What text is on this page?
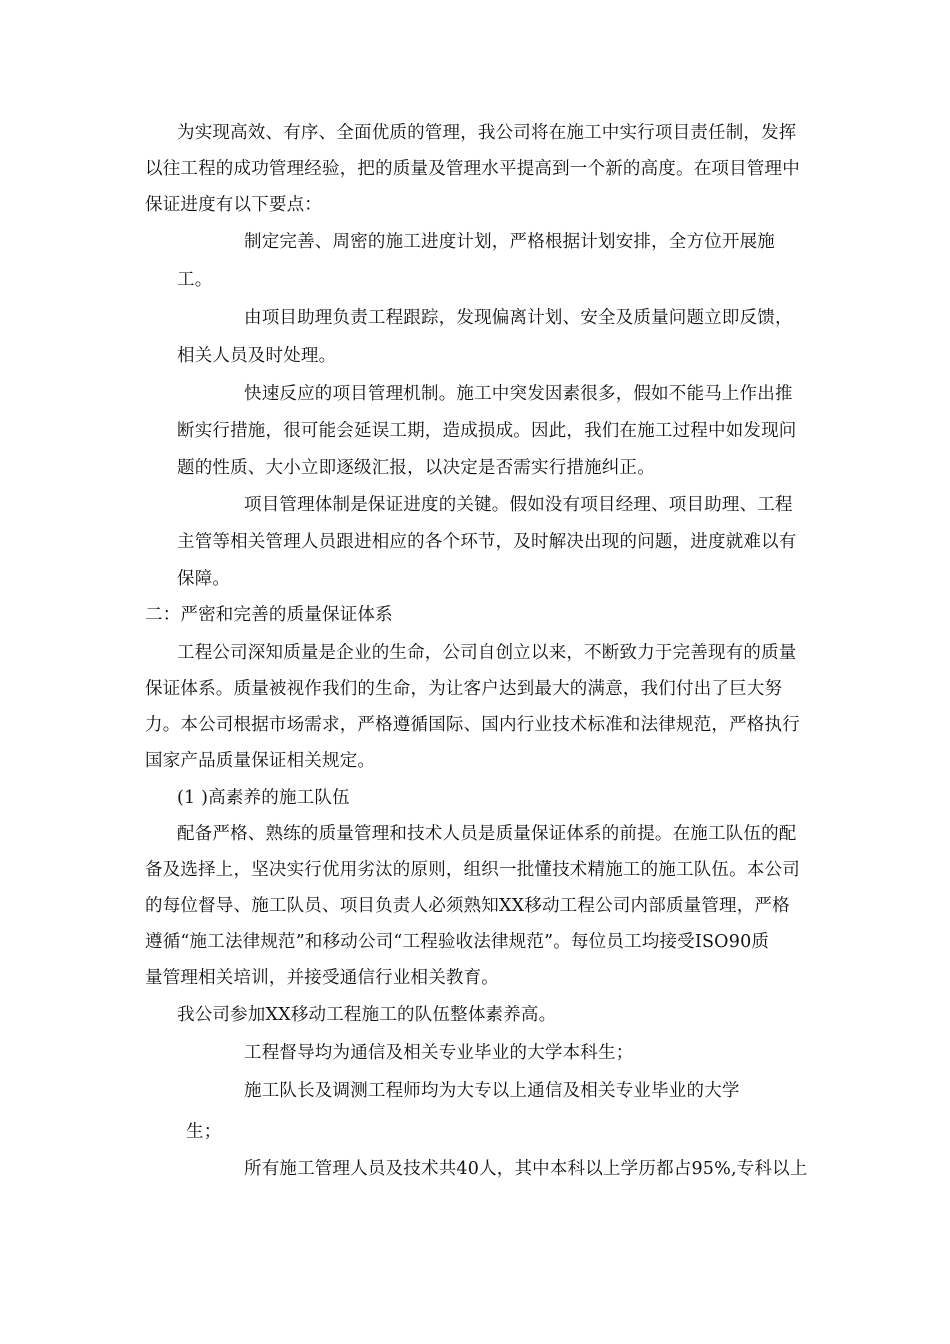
为实现高效、有序、全面优质的管理，我公司将在施工中实行项目责任制，发挥
以往工程的成功管理经验，把的质量及管理水平提高到一个新的高度。在项目管理中
保证进度有以下要点：
制定完善、周密的施工进度计划，严格根据计划安排，全方位开展施
工。
由项目助理负责工程跟踪，发现偏离计划、安全及质量问题立即反馈，
相关人员及时处理。
快速反应的项目管理机制。施工中突发因素很多，假如不能马上作出推
断实行措施，很可能会延误工期，造成损成。因此，我们在施工过程中如发现问
题的性质、大小立即逐级汇报，以决定是否需实行措施纠正。
项目管理体制是保证进度的关键。假如没有项目经理、项目助理、工程
主管等相关管理人员跟进相应的各个环节，及时解决出现的问题，进度就难以有
保障。
二：严密和完善的质量保证体系
工程公司深知质量是企业的生命，公司自创立以来，不断致力于完善现有的质量
保证体系。质量被视作我们的生命，为让客户达到最大的满意，我们付出了巨大努
力。本公司根据市场需求，严格遵循国际、国内行业技术标准和法律规范，严格执行
国家产品质量保证相关规定。
(1 )高素养的施工队伍
配备严格、熟练的质量管理和技术人员是质量保证体系的前提。在施工队伍的配
备及选择上，坚决实行优用劣汰的原则，组织一批懂技术精施工的施工队伍。本公司
的每位督导、施工队员、项目负责人必须熟知XX移动工程公司内部质量管理，严格
遵循“施工法律规范”和移动公司“工程验收法律规范”。每位员工均接受ISO90质
量管理相关培训，并接受通信行业相关教育。
我公司参加XX移动工程施工的队伍整体素养高。
工程督导均为通信及相关专业毕业的大学本科生；
施工队长及调测工程师均为大专以上通信及相关专业毕业的大学
生；
所有施工管理人员及技术共40人，其中本科以上学历都占95%,专科以上
